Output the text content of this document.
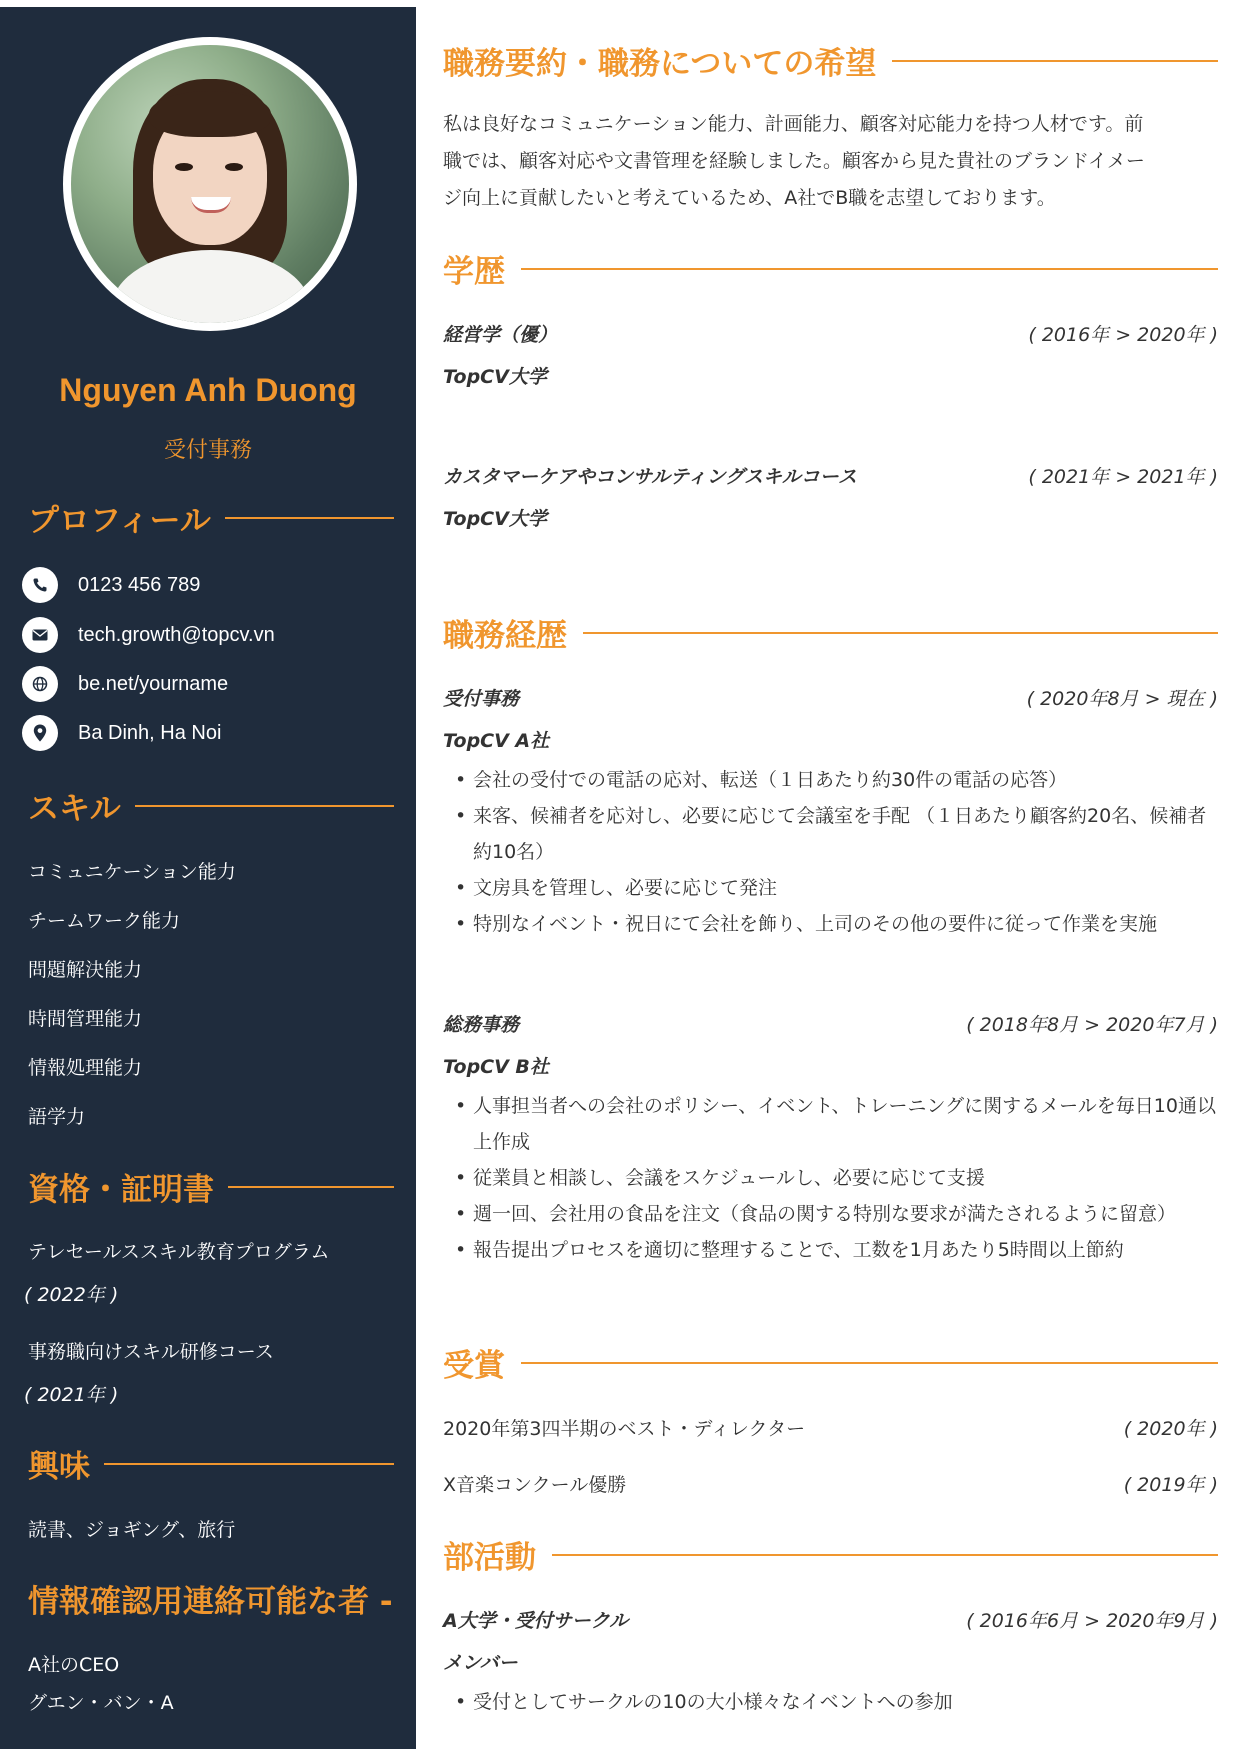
Nguyen Anh Duong
受付事務
プロフィール
0123 456 789
tech.growth@topcv.vn
be.net/yourname
Ba Dinh, Ha Noi
スキル
コミュニケーション能力
チームワーク能力
問題解決能力
時間管理能力
情報処理能力
語学力
資格・証明書
テレセールススキル教育プログラム
( 2022年 )
事務職向けスキル研修コース
( 2021年 )
興味
読書、ジョギング、旅行
情報確認用連絡可能な者 -
A社のCEO
グエン・バン・A
職務要約・職務についての希望
私は良好なコミュニケーション能力、計画能力、顧客対応能力を持つ人材です。前
職では、顧客対応や文書管理を経験しました。顧客から見た貴社のブランドイメー
ジ向上に貢献したいと考えているため、A社でB職を志望しております。
学歴
経営学（優）	( 2016年 > 2020年 )
TopCV大学
カスタマーケアやコンサルティングスキルコース	( 2021年 > 2021年 )
TopCV大学
職務経歴
受付事務	( 2020年8月 > 現在 )
TopCV A社
• 会社の受付での電話の応対、転送（１日あたり約30件の電話の応答）
• 来客、候補者を応対し、必要に応じて会議室を手配 （１日あたり顧客約20名、候補者約10名）
• 文房具を管理し、必要に応じて発注
• 特別なイベント・祝日にて会社を飾り、上司のその他の要件に従って作業を実施
総務事務	( 2018年8月 > 2020年7月 )
TopCV B社
• 人事担当者への会社のポリシー、イベント、トレーニングに関するメールを毎日10通以上作成
• 従業員と相談し、会議をスケジュールし、必要に応じて支援
• 週一回、会社用の食品を注文（食品の関する特別な要求が満たされるように留意）
• 報告提出プロセスを適切に整理することで、工数を1月あたり5時間以上節約
受賞
2020年第3四半期のベスト・ディレクター	( 2020年 )
X音楽コンクール優勝	( 2019年 )
部活動
A大学・受付サークル	( 2016年6月 > 2020年9月 )
メンバー
• 受付としてサークルの10の大小様々なイベントへの参加
